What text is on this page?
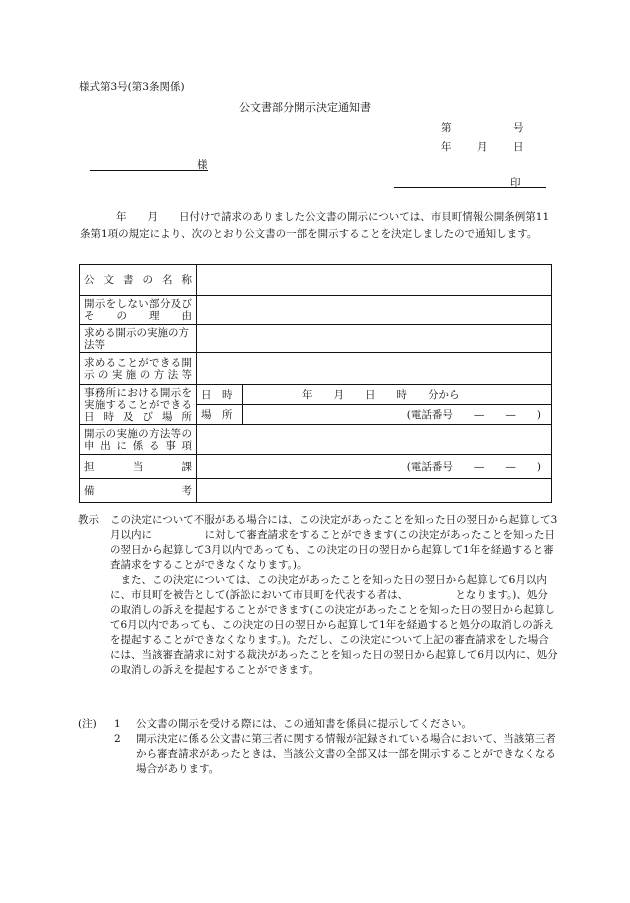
様式第3号(第3条関係)
公文書部分開示決定通知書
第	号
年 月 日
様
印
年　　月　　日付けで請求のありました公文書の開示については、市貝町情報公開条例第11条第1項の規定により、次のとおり公文書の一部を開示することを決定しましたので通知します。
公文書の名称		

開示をしない部分及びその理由		

求める開示の実施の方法等		

求めることができる開示の実施の方法等		

事務所における開示を実施することができる日時及び場所	日　時	年　　月　　日　　時　　分から

	場　所	(電話番号　　—　　—　　)

開示の実施の方法等の申出に係る事項		

担当課	(電話番号　　—　　—　　)	

備考		

教示	この決定について不服がある場合には、この決定があったことを知った日の翌日から起算して3月以内に　　　　　に対して審査請求をすることができます(この決定があったことを知った日の翌日から起算して3月以内であっても、この決定の日の翌日から起算して1年を経過すると審査請求をすることができなくなります。)。

また、この決定については、この決定があったことを知った日の翌日から起算して6月以内に、市貝町を被告として(訴訟において市貝町を代表する者は、　　　　　となります。)、処分の取消しの訴えを提起することができます(この決定があったことを知った日の翌日から起算して6月以内であっても、この決定の日の翌日から起算して1年を経過すると処分の取消しの訴えを提起することができなくなります。)。ただし、この決定について上記の審査請求をした場合には、当該審査請求に対する裁決があったことを知った日の翌日から起算して6月以内に、処分の取消しの訴えを提起することができます。

(注)	1	公文書の開示を受ける際には、この通知書を係員に提示してください。
2	開示決定に係る公文書に第三者に関する情報が記録されている場合において、当該第三者から審査請求があったときは、当該公文書の全部又は一部を開示することができなくなる場合があります。
